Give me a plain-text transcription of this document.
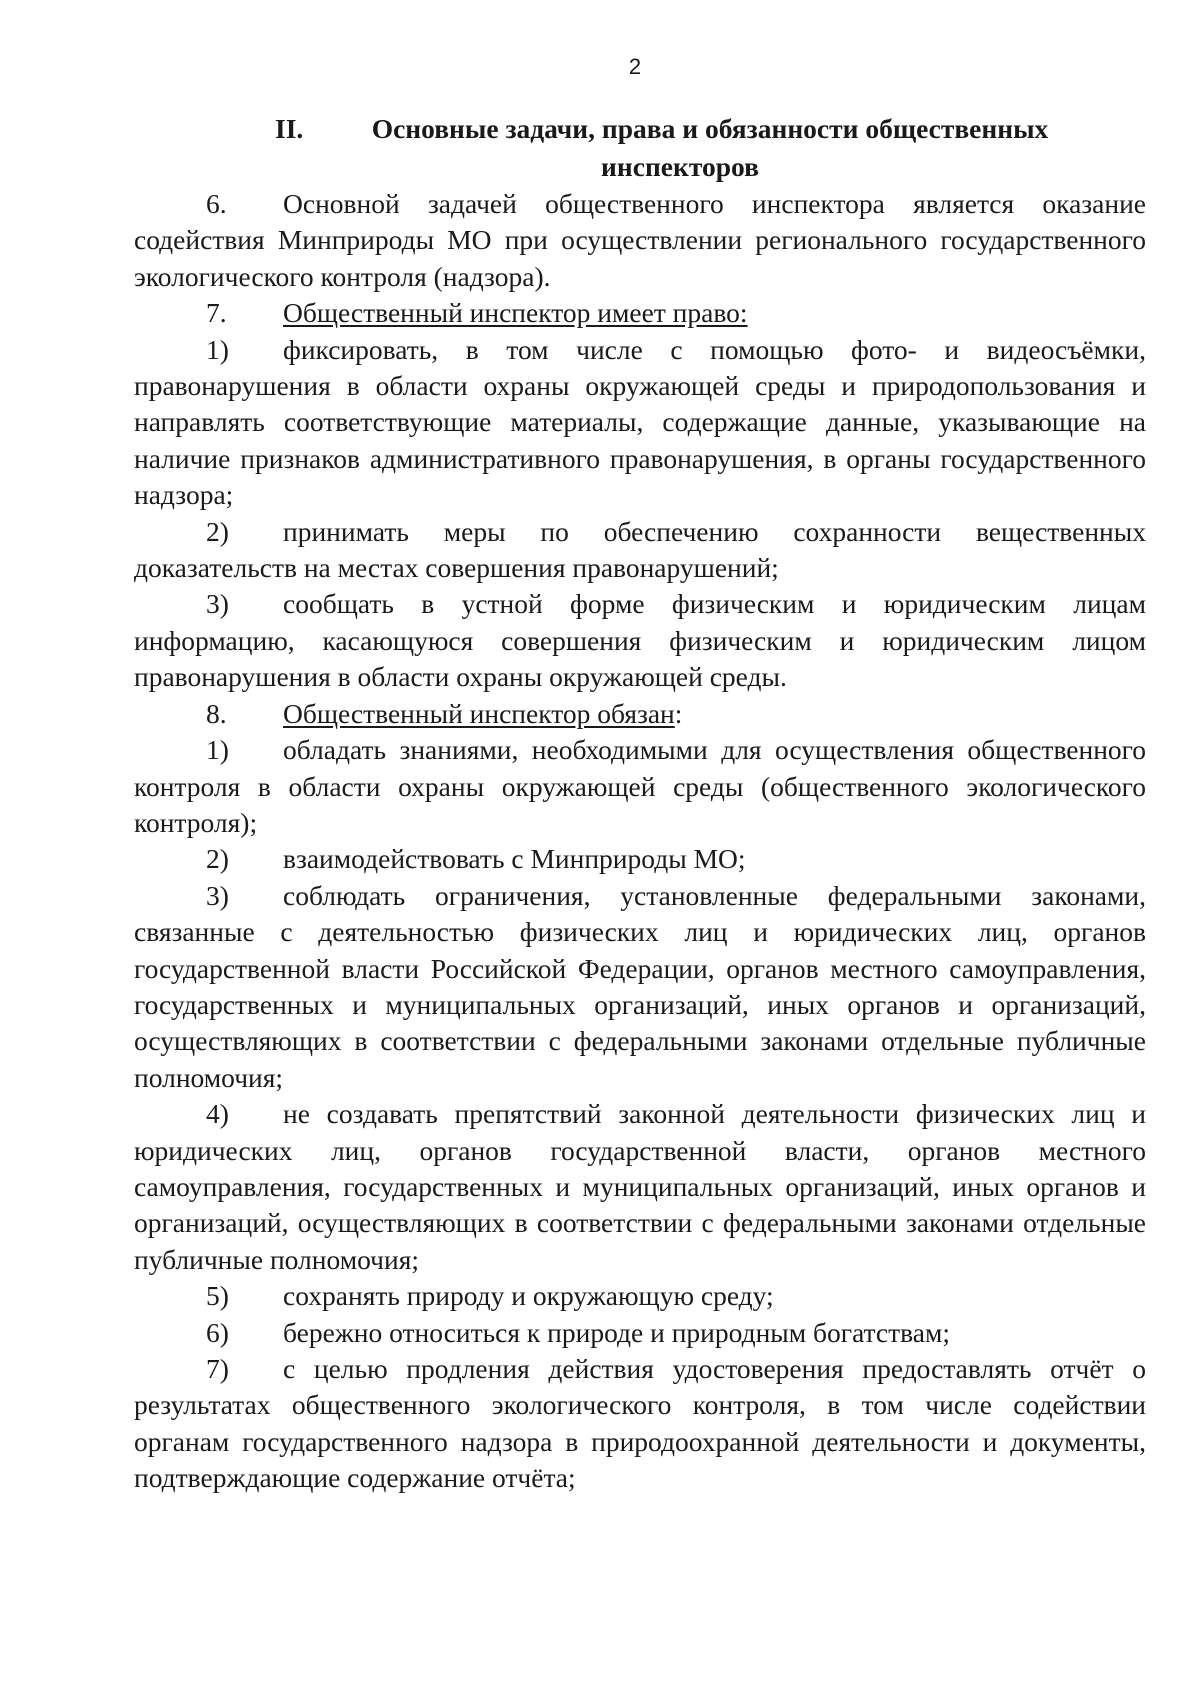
2
II.	Основные задачи, права и обязанности общественных
инспекторов

6. Основной задачей общественного инспектора является оказание содействия Минприроды МО при осуществлении регионального государственного экологического контроля (надзора).

7. Общественный инспектор имеет право:

1) фиксировать, в том числе с помощью фото- и видеосъёмки, правонарушения в области охраны окружающей среды и природопользования и направлять соответствующие материалы, содержащие данные, указывающие на наличие признаков административного правонарушения, в органы государственного надзора;

2) принимать меры по обеспечению сохранности вещественных доказательств на местах совершения правонарушений;

3) сообщать в устной форме физическим и юридическим лицам информацию, касающуюся совершения физическим и юридическим лицом правонарушения в области охраны окружающей среды.

8. Общественный инспектор обязан:

1) обладать знаниями, необходимыми для осуществления общественного контроля в области охраны окружающей среды (общественного экологического контроля);

2) взаимодействовать с Минприроды МО;

3) соблюдать ограничения, установленные федеральными законами, связанные с деятельностью физических лиц и юридических лиц, органов государственной власти Российской Федерации, органов местного самоуправления, государственных и муниципальных организаций, иных органов и организаций, осуществляющих в соответствии с федеральными законами отдельные публичные полномочия;

4) не создавать препятствий законной деятельности физических лиц и юридических лиц, органов государственной власти, органов местного самоуправления, государственных и муниципальных организаций, иных органов и организаций, осуществляющих в соответствии с федеральными законами отдельные публичные полномочия;

5) сохранять природу и окружающую среду;

6) бережно относиться к природе и природным богатствам;

7) с целью продления действия удостоверения предоставлять отчёт о результатах общественного экологического контроля, в том числе содействии органам государственного надзора в природоохранной деятельности и документы, подтверждающие содержание отчёта;
